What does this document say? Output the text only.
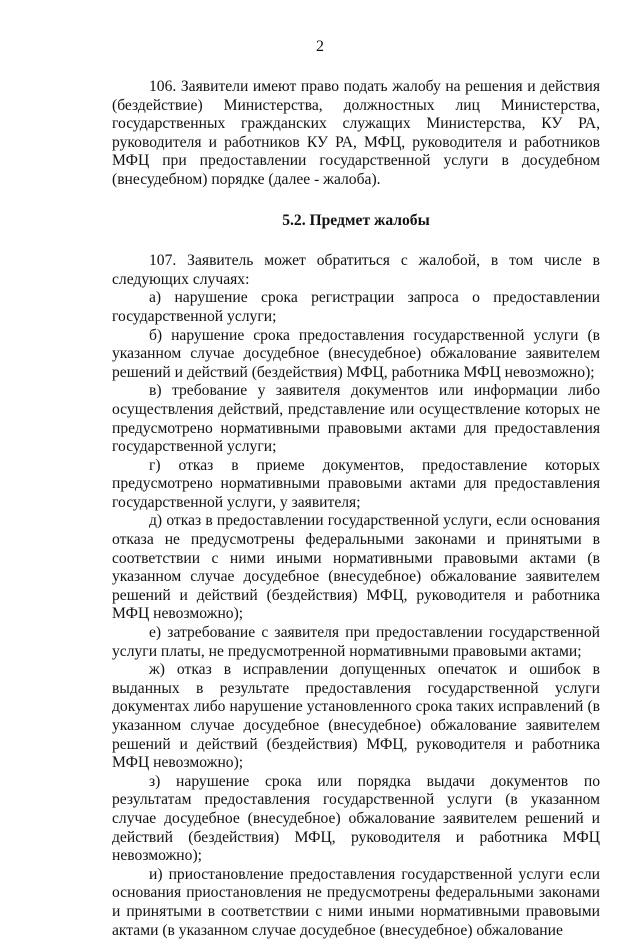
2

106. Заявители имеют право подать жалобу на решения и действия (бездействие) Министерства, должностных лиц Министерства, государственных гражданских служащих Министерства, КУ РА, руководителя и работников КУ РА, МФЦ, руководителя и работников МФЦ при предоставлении государственной услуги в досудебном (внесудебном) порядке (далее - жалоба).

5.2. Предмет жалобы

107. Заявитель может обратиться с жалобой, в том числе в следующих случаях:

а) нарушение срока регистрации запроса о предоставлении государственной услуги;

б) нарушение срока предоставления государственной услуги (в указанном случае досудебное (внесудебное) обжалование заявителем решений и действий (бездействия) МФЦ, работника МФЦ невозможно);

в) требование у заявителя документов или информации либо осуществления действий, представление или осуществление которых не предусмотрено нормативными правовыми актами для предоставления государственной услуги;

г) отказ в приеме документов, предоставление которых предусмотрено нормативными правовыми актами для предоставления государственной услуги, у заявителя;

д) отказ в предоставлении государственной услуги, если основания отказа не предусмотрены федеральными законами и принятыми в соответствии с ними иными нормативными правовыми актами (в указанном случае досудебное (внесудебное) обжалование заявителем решений и действий (бездействия) МФЦ, руководителя и работника МФЦ невозможно);

е) затребование с заявителя при предоставлении государственной услуги платы, не предусмотренной нормативными правовыми актами;

ж) отказ в исправлении допущенных опечаток и ошибок в выданных в результате предоставления государственной услуги документах либо нарушение установленного срока таких исправлений (в указанном случае досудебное (внесудебное) обжалование заявителем решений и действий (бездействия) МФЦ, руководителя и работника МФЦ невозможно);

з) нарушение срока или порядка выдачи документов по результатам предоставления государственной услуги (в указанном случае досудебное (внесудебное) обжалование заявителем решений и действий (бездействия) МФЦ, руководителя и работника МФЦ невозможно);

и) приостановление предоставления государственной услуги если основания приостановления не предусмотрены федеральными законами и принятыми в соответствии с ними иными нормативными правовыми актами (в указанном случае досудебное (внесудебное) обжалование
